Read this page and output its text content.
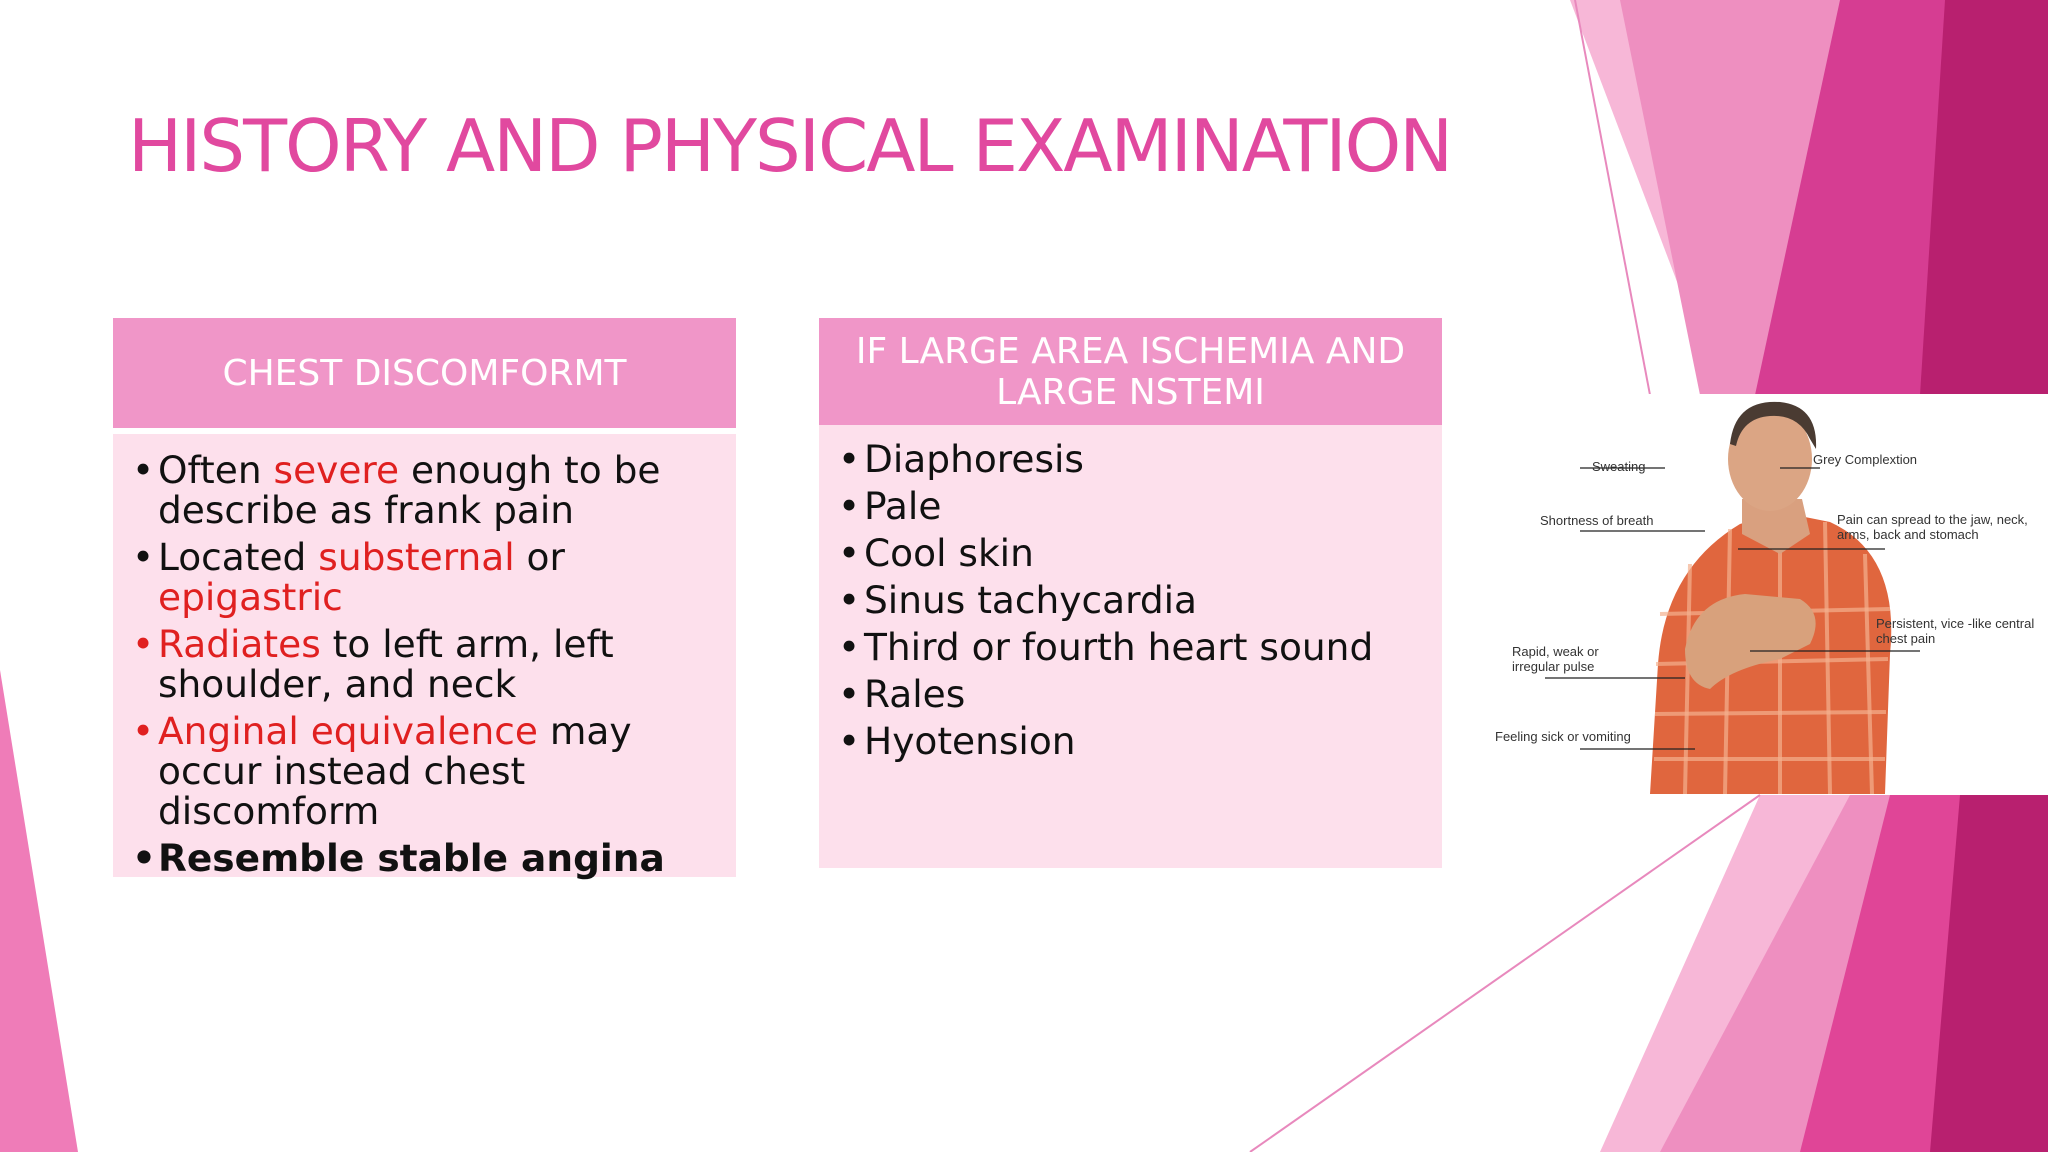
HISTORY AND PHYSICAL EXAMINATION
CHEST DISCOMFORMT
• Often severe enough to be describe as frank pain
• Located substernal or epigastric
• Radiates to left arm, left shoulder, and neck
• Anginal equivalence may occur instead chest discomform
• Resemble stable angina
IF LARGE AREA ISCHEMIA AND
LARGE NSTEMI
• Diaphoresis
• Pale
• Cool skin
• Sinus tachycardia
• Third or fourth heart sound
• Rales
• Hyotension
Sweating	Grey Complextion
Shortness of breath	Pain can spread to the jaw, neck,
arms, back and stomach
Persistent, vice -like central
chest pain
Rapid, weak or
irregular pulse
Feeling sick or vomiting
